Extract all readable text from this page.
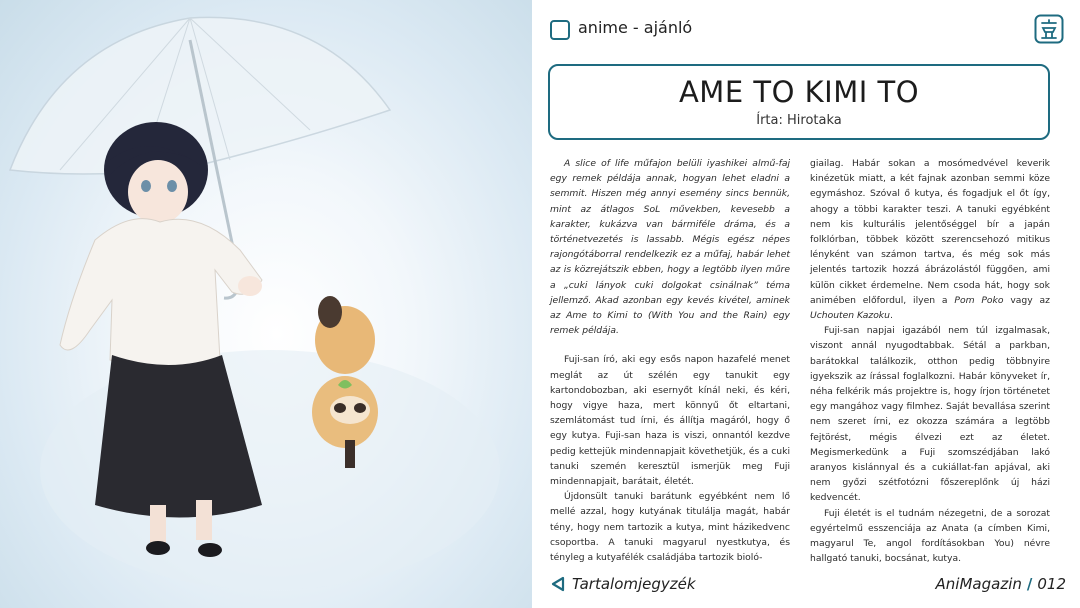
anime - ajánló
AME TO KIMI TO
Írta: Hirotaka

A slice of life műfajon belüli iyashikei almű-faj egy remek példája annak, hogyan lehet eladni a semmit. Hiszen még annyi esemény sincs bennük, mint az átlagos SoL művekben, kevesebb a karakter, kukázva van bármiféle dráma, és a történetvezetés is lassabb. Mégis egész népes rajongótáborral rendelkezik ez a műfaj, habár lehet az is közrejátszik ebben, hogy a legtöbb ilyen műre a „cuki lányok cuki dolgokat csinálnak” téma jellemző. Akad azonban egy kevés kivétel, aminek az Ame to Kimi to (With You and the Rain) egy remek példája.

Fuji-san író, aki egy esős napon hazafelé menet meglát az út szélén egy tanukit egy kartondobozban, aki esernyőt kínál neki, és kéri, hogy vigye haza, mert könnyű őt eltartani, szemlátomást tud írni, és állítja magáról, hogy ő egy kutya. Fuji-san haza is viszi, onnantól kezdve pedig kettejük mindennapjait követhetjük, és a cuki tanuki szemén keresztül ismerjük meg Fuji mindennapjait, barátait, életét.

Újdonsült tanuki barátunk egyébként nem lő mellé azzal, hogy kutyának titulálja magát, habár tény, hogy nem tartozik a kutya, mint házikedvenc csoportba. A tanuki magyarul nyestkutya, és tényleg a kutyafélék családjába tartozik bioló-

giailag. Habár sokan a mosómedvével keverik kinézetük miatt, a két fajnak azonban semmi köze egymáshoz. Szóval ő kutya, és fogadjuk el őt így, ahogy a többi karakter teszi. A tanuki egyébként nem kis kulturális jelentőséggel bír a japán folklórban, többek között szerencsehozó mitikus lényként van számon tartva, és még sok más jelentés tartozik hozzá ábrázolástól függően, ami külön cikket érdemelne. Nem csoda hát, hogy sok animében előfordul, ilyen a Pom Poko vagy az Uchouten Kazoku.

Fuji-san napjai igazából nem túl izgalmasak, viszont annál nyugodtabbak. Sétál a parkban, barátokkal találkozik, otthon pedig többnyire igyekszik az írással foglalkozni. Habár könyveket ír, néha felkérik más projektre is, hogy írjon történetet egy mangához vagy filmhez. Saját bevallása szerint nem szeret írni, ez okozza számára a legtöbb fejtörést, mégis élvezi ezt az életet. Megismerkedünk a Fuji szomszédjában lakó aranyos kislánnyal és a cukiállat-fan apjával, aki nem győzi szétfotózni főszereplőnk új házi kedvencét.

Fuji életét is el tudnám nézegetni, de a sorozat egyértelmű esszenciája az Anata (a címben Kimi, magyarul Te, angol fordításokban You) névre hallgató tanuki, bocsánat, kutya.

Tartalomjegyzék	AniMagazin / 012
